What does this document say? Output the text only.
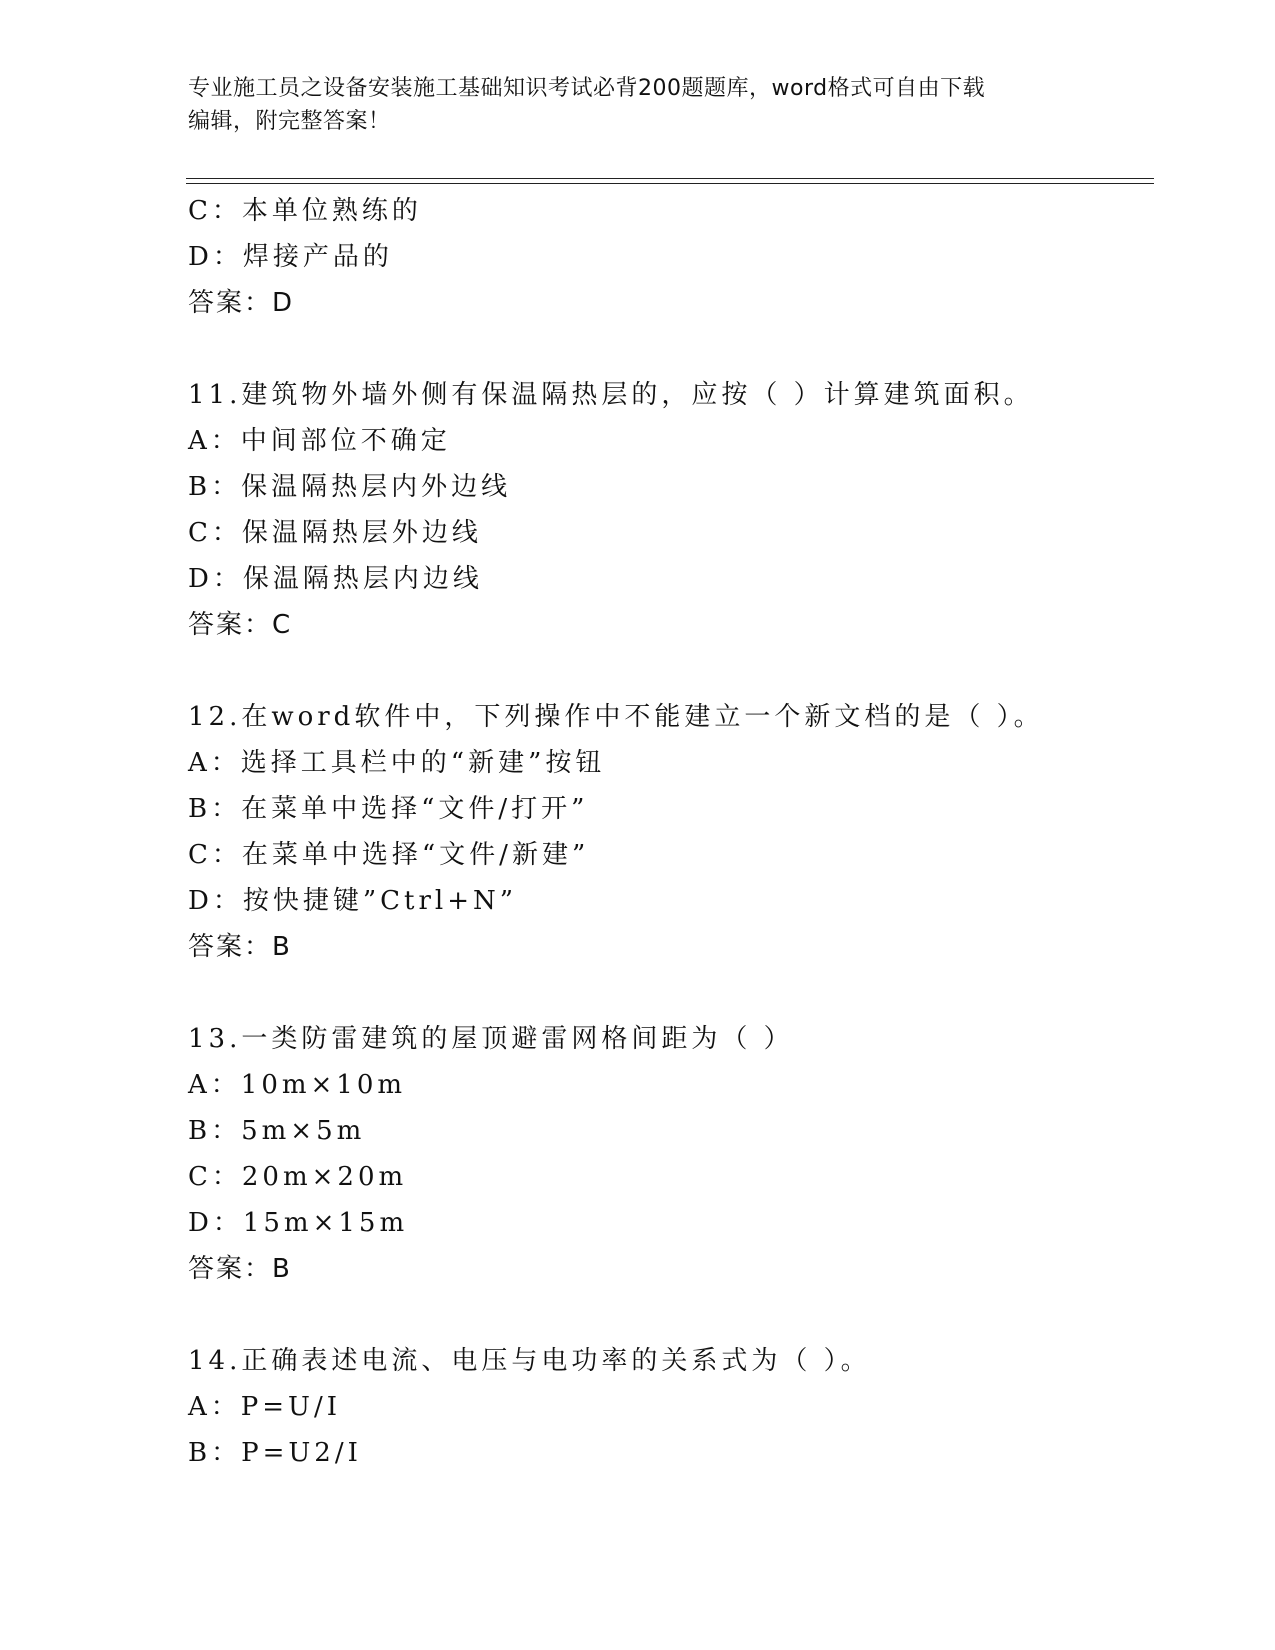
专业施工员之设备安装施工基础知识考试必背200题题库，word格式可自由下载
编辑，附完整答案！
C：本单位熟练的
D：焊接产品的
答案：D
11.建筑物外墙外侧有保温隔热层的，应按（ ）计算建筑面积。
A：中间部位不确定
B：保温隔热层内外边线
C：保温隔热层外边线
D：保温隔热层内边线
答案：C
12.在word软件中，下列操作中不能建立一个新文档的是（ ）。
A：选择工具栏中的“新建”按钮
B：在菜单中选择“文件/打开”
C：在菜单中选择“文件/新建”
D：按快捷键”Ctrl+N”
答案：B
13.一类防雷建筑的屋顶避雷网格间距为（ ）
A：10m×10m
B：5m×5m
C：20m×20m
D：15m×15m
答案：B
14.正确表述电流、电压与电功率的关系式为（ ）。
A：P=U/I
B：P=U2/I
